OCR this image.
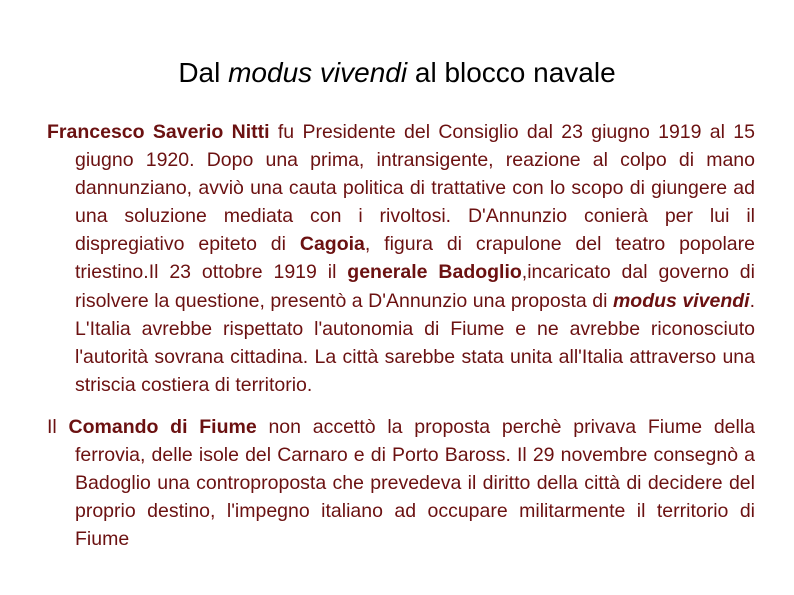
Dal modus vivendi al blocco navale

Francesco Saverio Nitti fu Presidente del Consiglio dal 23 giugno 1919 al 15 giugno 1920. Dopo una prima, intransigente, reazione al colpo di mano dannunziano, avviò una cauta politica di trattative con lo scopo di giungere ad una soluzione mediata con i rivoltosi. D'Annunzio conierà per lui il dispregiativo epiteto di Cagoia, figura di crapulone del teatro popolare triestino.Il 23 ottobre 1919 il generale Badoglio,incaricato dal governo di risolvere la questione, presentò a D'Annunzio una proposta di modus vivendi. L'Italia avrebbe rispettato l'autonomia di Fiume e ne avrebbe riconosciuto l'autorità sovrana cittadina. La città sarebbe stata unita all'Italia attraverso una striscia costiera di territorio.

Il Comando di Fiume non accettò la proposta perchè privava Fiume della ferrovia, delle isole del Carnaro e di Porto Baross. Il 29 novembre consegnò a Badoglio una controproposta che prevedeva il diritto della città di decidere del proprio destino, l'impegno italiano ad occupare militarmente il territorio di Fiume
